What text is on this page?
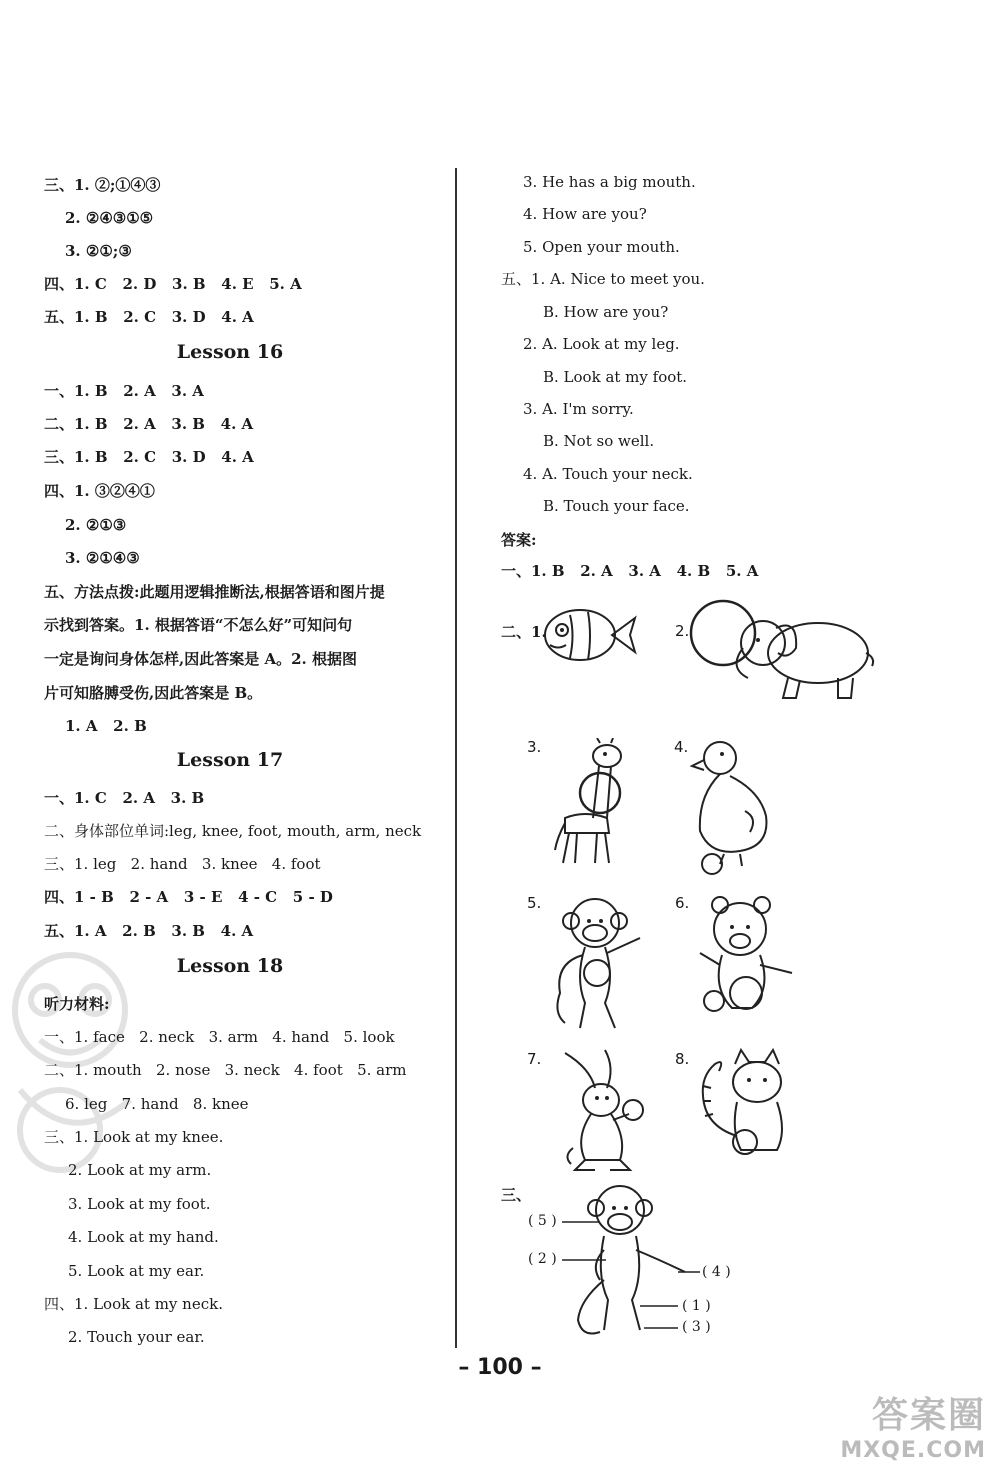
三、1. ②;①④③
2. ②④③①⑤
3. ②①;③
四、1. C   2. D   3. B   4. E   5. A
五、1. B   2. C   3. D   4. A
Lesson 16
一、1. B   2. A   3. A
二、1. B   2. A   3. B   4. A
三、1. B   2. C   3. D   4. A
四、1. ③②④①
2. ②①③
3. ②①④③
五、方法点拨:此题用逻辑推断法,根据答语和图片提
示找到答案。1. 根据答语“不怎么好”可知问句
一定是询问身体怎样,因此答案是 A。2. 根据图
片可知胳膊受伤,因此答案是 B。
1. A   2. B
Lesson 17
一、1. C   2. A   3. B
二、身体部位单词:leg, knee, foot, mouth, arm, neck
三、1. leg   2. hand   3. knee   4. foot
四、1 - B   2 - A   3 - E   4 - C   5 - D
五、1. A   2. B   3. B   4. A
Lesson 18
听力材料:
一、1. face   2. neck   3. arm   4. hand   5. look
二、1. mouth   2. nose   3. neck   4. foot   5. arm
6. leg   7. hand   8. knee
三、1. Look at my knee.
2. Look at my arm.
3. Look at my foot.
4. Look at my hand.
5. Look at my ear.
四、1. Look at my neck.
2. Touch your ear.
3. He has a big mouth.
4. How are you?
5. Open your mouth.
五、1. A. Nice to meet you.
B. How are you?
2. A. Look at my leg.
B. Look at my foot.
3. A. I'm sorry.
B. Not so well.
4. A. Touch your neck.
B. Touch your face.
答案:
一、1. B   2. A   3. A   4. B   5. A
二、1.	2.
3.	4.
5.	6.
7.	8.
三、
( 5 )
( 2 )
( 4 )
( 1 )
( 3 )
– 100 –
答案圈
MXQE.COM
